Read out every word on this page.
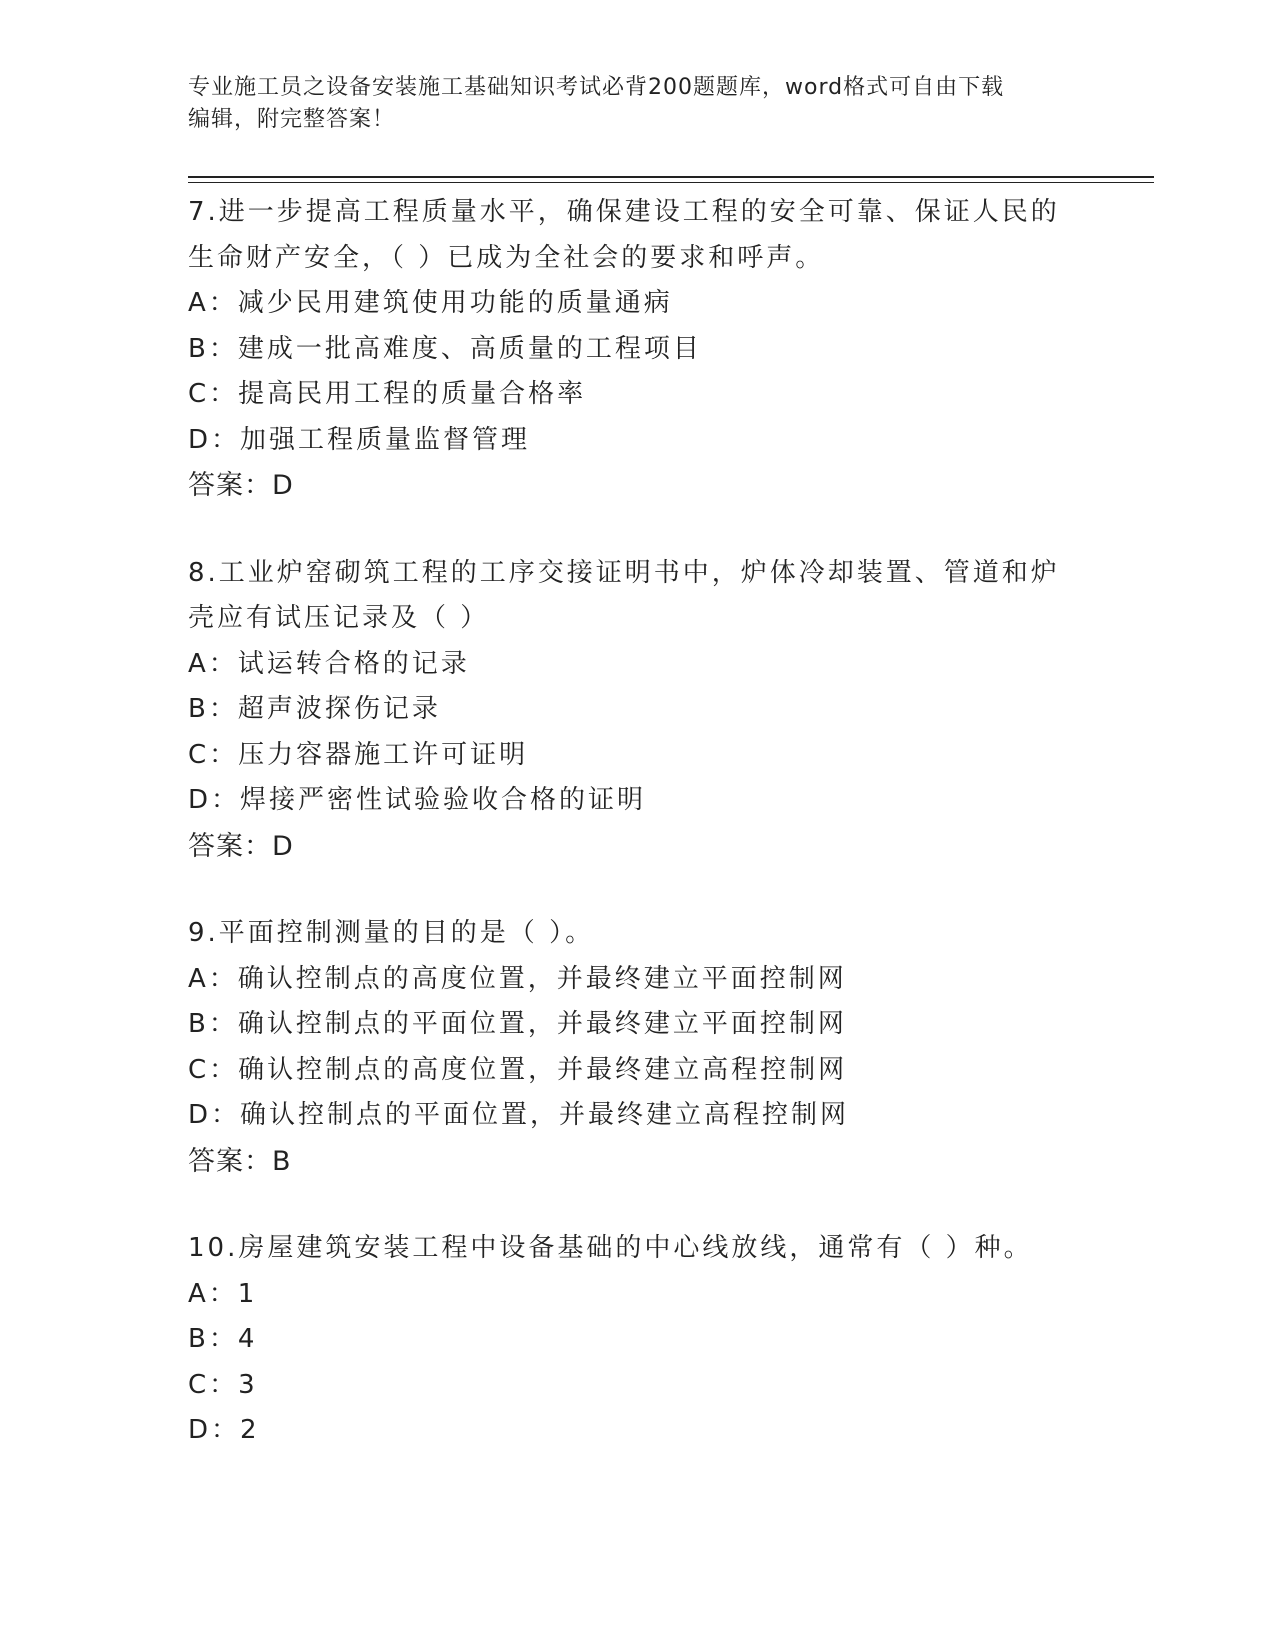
专业施工员之设备安装施工基础知识考试必背200题题库，word格式可自由下载
编辑，附完整答案！
7.进一步提高工程质量水平，确保建设工程的安全可靠、保证人民的
生命财产安全，（ ）已成为全社会的要求和呼声。
A：减少民用建筑使用功能的质量通病
B：建成一批高难度、高质量的工程项目
C：提高民用工程的质量合格率
D：加强工程质量监督管理
答案：D
8.工业炉窑砌筑工程的工序交接证明书中，炉体冷却装置、管道和炉
壳应有试压记录及（ ）
A：试运转合格的记录
B：超声波探伤记录
C：压力容器施工许可证明
D：焊接严密性试验验收合格的证明
答案：D
9.平面控制测量的目的是（ ）。
A：确认控制点的高度位置，并最终建立平面控制网
B：确认控制点的平面位置，并最终建立平面控制网
C：确认控制点的高度位置，并最终建立高程控制网
D：确认控制点的平面位置，并最终建立高程控制网
答案：B
10.房屋建筑安装工程中设备基础的中心线放线，通常有（ ）种。
A：1
B：4
C：3
D：2
